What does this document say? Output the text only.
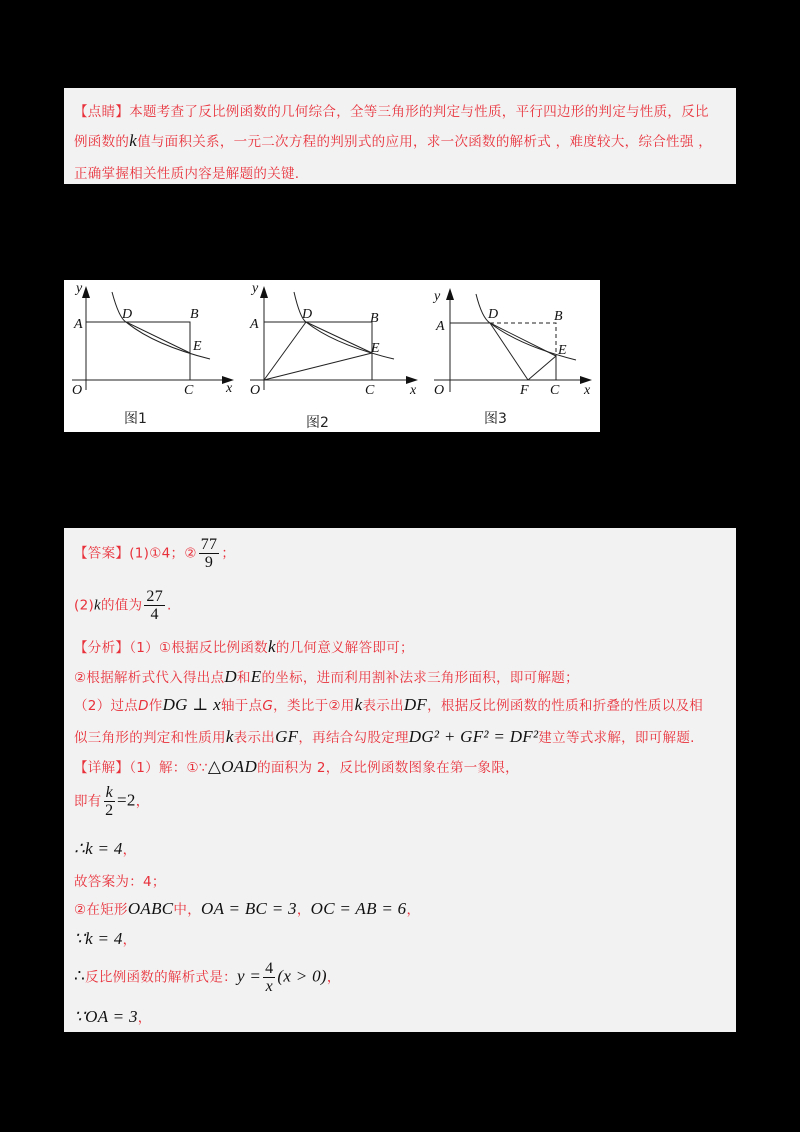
【点睛】本题考查了反比例函数的几何综合，全等三角形的判定与性质，平行四边形的判定与性质，反比
例函数的k值与面积关系，一元二次方程的判别式的应用，求一次函数的解析式 ，难度较大，综合性强 ，
正确掌握相关性质内容是解题的关键.
y
A
D	B
E
O	C x
图1
y
A
D	B
E
O	C	x
图2
y
A
D	B
E
O	F C x
图3
【答案】(1)①4；② $\frac{77}{9}$ ；
(2)k的值为 $\frac{27}{4}$ .
【分析】（1）①根据反比例函数k的几何意义解答即可；
②根据解析式代入得出点D和E的坐标，进而利用割补法求三角形面积，即可解题；
（2）过点D作DG ⊥ x轴于点G，类比于②用k表示出DF，根据反比例函数的性质和折叠的性质以及相
似三角形的判定和性质用k表示出GF，再结合勾股定理DG² + GF² = DF²建立等式求解，即可解题.
【详解】（1）解：①∵△OAD的面积为 2，反比例函数图象在第一象限，
即有 $\frac{k}{2} =2$，
∴k = 4，
故答案为：4；
②在矩形OABC中，OA = BC = 3，OC = AB = 6，
∵k = 4，
∴反比例函数的解析式是：$y = \frac{4}{x} (x > 0)$，
∵OA = 3，
